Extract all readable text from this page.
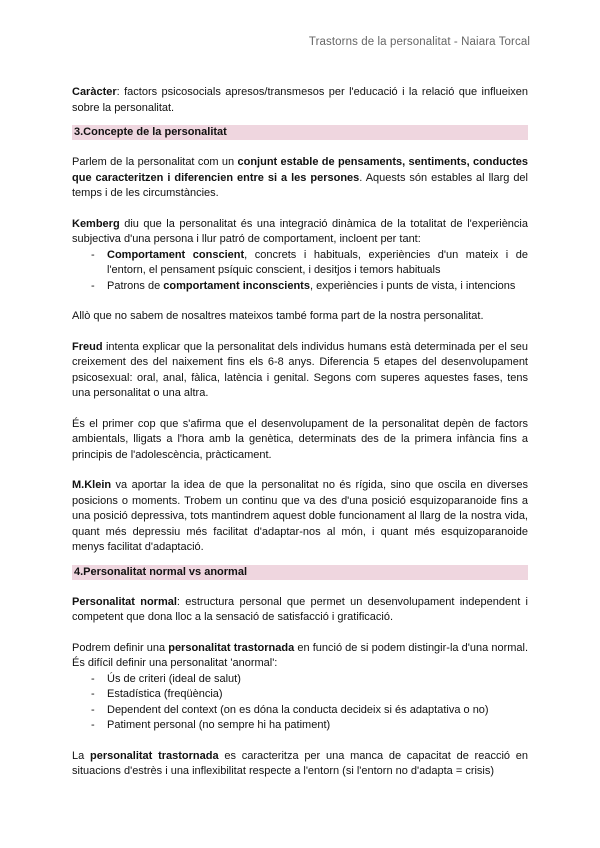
Trastorns de la personalitat - Naiara Torcal

Caràcter: factors psicosocials apresos/transmesos per l'educació i la relació que influeixen sobre la personalitat.

3.Concepte de la personalitat

Parlem de la personalitat com un conjunt estable de pensaments, sentiments, conductes que caracteritzen i diferencien entre si a les persones. Aquests són estables al llarg del temps i de les circumstàncies.

Kemberg diu que la personalitat és una integració dinàmica de la totalitat de l'experiència subjectiva d'una persona i llur patró de comportament, incloent per tant:

- Comportament conscient, concrets i habituals, experiències d'un mateix i de l'entorn, el pensament psíquic conscient, i desitjos i temors habituals
- Patrons de comportament inconscients, experiències i punts de vista, i intencions

Allò que no sabem de nosaltres mateixos també forma part de la nostra personalitat.

Freud intenta explicar que la personalitat dels individus humans està determinada per el seu creixement des del naixement fins els 6-8 anys. Diferencia 5 etapes del desenvolupament psicosexual: oral, anal, fàlica, latència i genital. Segons com superes aquestes fases, tens una personalitat o una altra.

És el primer cop que s'afirma que el desenvolupament de la personalitat depèn de factors ambientals, lligats a l'hora amb la genètica, determinats des de la primera infància fins a principis de l'adolescència, pràcticament.

M.Klein va aportar la idea de que la personalitat no és rígida, sino que oscila en diverses posicions o moments. Trobem un continu que va des d'una posició esquizoparanoide fins a una posició depressiva, tots mantindrem aquest doble funcionament al llarg de la nostra vida, quant més depressiu més facilitat d'adaptar-nos al món, i quant més esquizoparanoide menys facilitat d'adaptació.

4.Personalitat normal vs anormal

Personalitat normal: estructura personal que permet un desenvolupament independent i competent que dona lloc a la sensació de satisfacció i gratificació.

Podrem definir una personalitat trastornada en funció de si podem distingir-la d'una normal. És difícil definir una personalitat 'anormal':

- Ús de criteri (ideal de salut)
- Estadística (freqüència)
- Dependent del context (on es dóna la conducta decideix si és adaptativa o no)
- Patiment personal (no sempre hi ha patiment)

La personalitat trastornada es caracteritza per una manca de capacitat de reacció en situacions d'estrès i una inflexibilitat respecte a l'entorn (si l'entorn no d'adapta = crisis)
